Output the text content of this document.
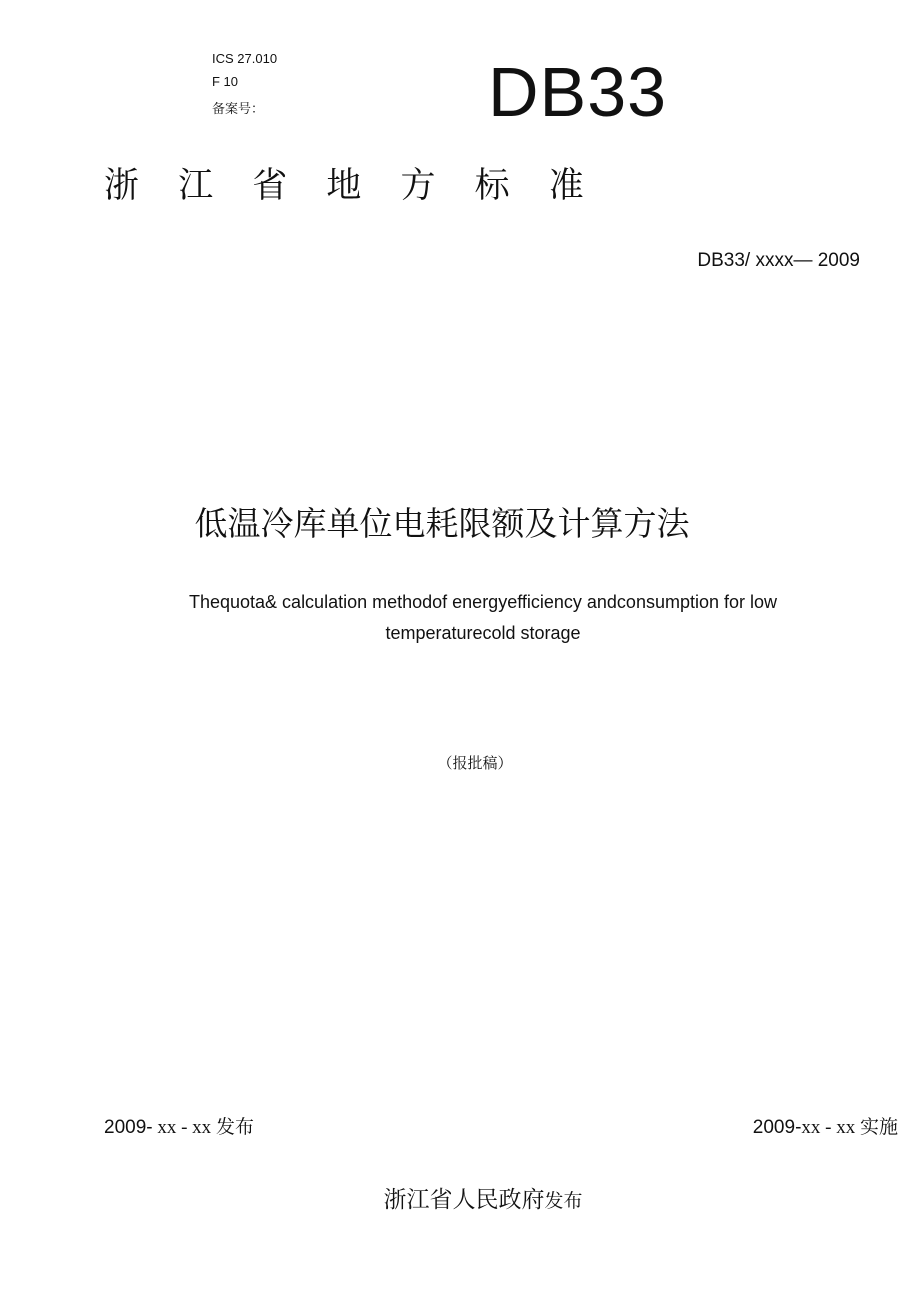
ICS 27.010
F 10
备案号：	DB33
浙 江 省 地 方 标 准
DB33/ xxxx— 2009
低温冷库单位电耗限额及计算方法
Thequota& calculation methodof energyefficiency andconsumption for low
temperaturecold storage
（报批稿）
2009- xx - xx 发布	2009-xx - xx 实施
浙江省人民政府发布
